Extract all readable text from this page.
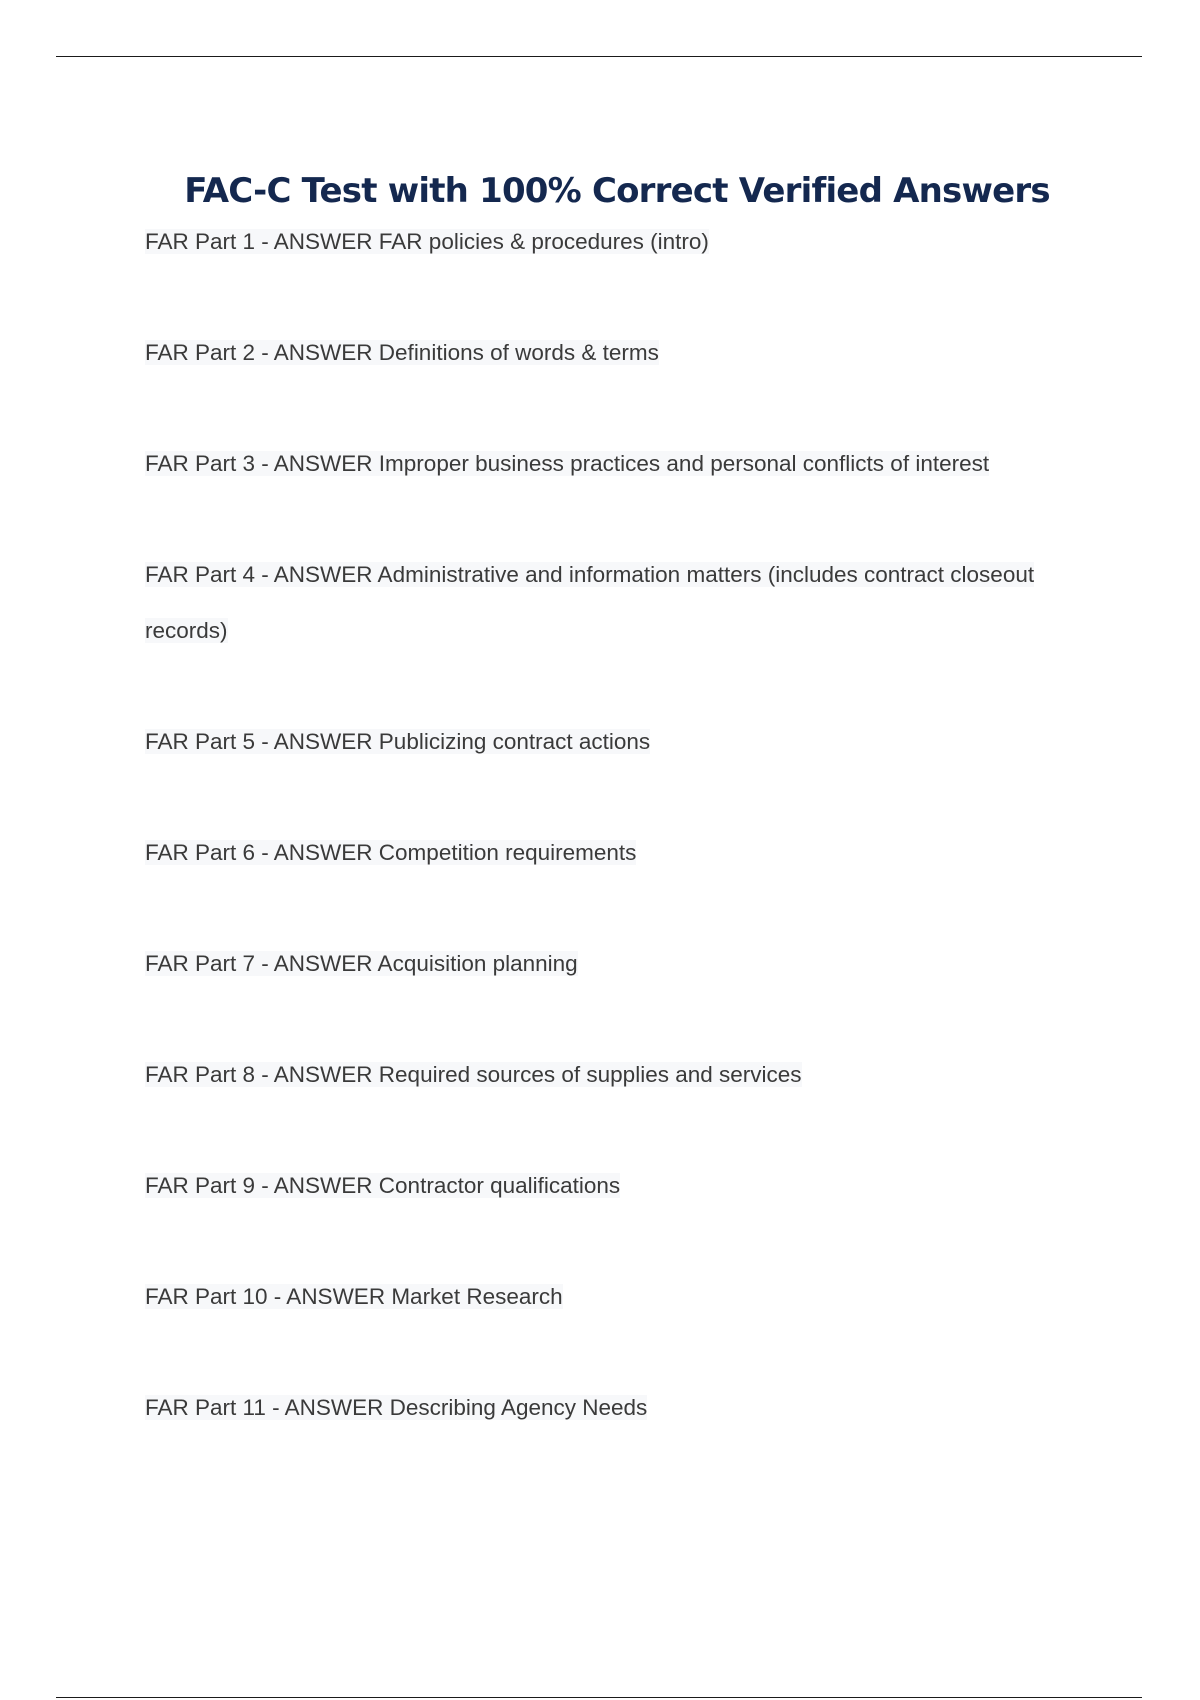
FAC-C Test with 100% Correct Verified Answers
FAR Part 1 - ANSWER FAR policies & procedures (intro)
FAR Part 2 - ANSWER Definitions of words & terms
FAR Part 3 - ANSWER Improper business practices and personal conflicts of interest
FAR Part 4 - ANSWER Administrative and information matters (includes contract closeout records)
FAR Part 5 - ANSWER Publicizing contract actions
FAR Part 6 - ANSWER Competition requirements
FAR Part 7 - ANSWER Acquisition planning
FAR Part 8 - ANSWER Required sources of supplies and services
FAR Part 9 - ANSWER Contractor qualifications
FAR Part 10 - ANSWER Market Research
FAR Part 11 - ANSWER Describing Agency Needs
